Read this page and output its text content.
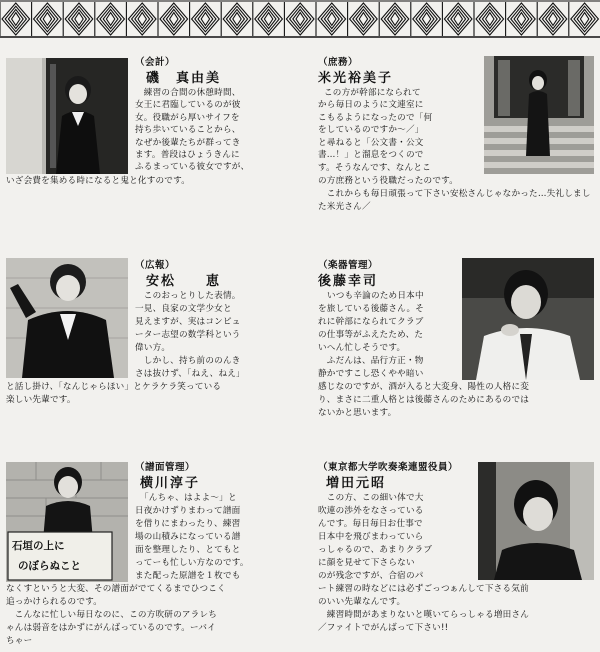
（会計）
磯　真由美

　練習の合間の休憩時間、

女王に君臨しているのが彼

女。役職がら厚いサイフを

持ち歩いていることから、

なぜか後輩たちが群ってき

ます。普段はひょうきんに

ふるまっている彼女ですが、

いざ会費を集める時になると鬼と化すのです。

（庶務）
米光裕美子

この方が幹部になられて

から毎日のように文連室に

こもるようになったので「何

をしているのですか～／」

と尋ねると「公文書・公文

書…！」と溜息をつくので

す。そうなんです、なんとこ

の方庶務という役職だったのです。

　これからも毎日頑張って下さい安松さんじゃなかった…失礼しました米光さん／

（広報）
安松　　恵

　このおっとりした表情。

一見、良家の文学少女と

見えますが、実はコンピュ

ーター志望の数学科という

偉い方。

　しかし、持ち前ののんき

さは抜けず、「ねえ、ねえ」

と話し掛け、「なんじゃらほい」とケラケラ笑っている

楽しい先輩です。

（楽器管理）
後藤幸司

いつも辛論のため日本中

を旅している後藤さん。そ

れに幹部になられてクラブ

の仕事等がふえたため、た

いへん忙しそうです。

　ふだんは、品行方正・物

静かですこし恐くやや暗い

感じなのですが、酒が入ると大変身、陽性の人格に変

り、まさに二重人格とは後藤さんのためにあるのでは

ないかと思います。

石垣の上に
のぼらぬこと
（譜面管理）
横川淳子

「んちゃ、はよよ～」と

日夜かけずりまわって譜面

を借りにまわったり、練習

場の山積みになっている譜

面を整理したり、とてもと

ってーも忙しい方なのです。

また配った原譜を１枚でも

なくすというと大変、その譜面がでてくるまでひつこく

追っかけられるのです。

　こんなに忙しい毎日なのに、この方吹研のアラレち

ゃんは弱音をはかずにがんばっているのです。ーバイ

ちゃー

（東京都大学吹奏楽連盟役員）
増田元昭

　この方、この細い体で大

吹連の渉外をなさっている

んです。毎日毎日お仕事で

日本中を飛びまわっていら

っしゃるので、あまりクラブ

に顔を見せて下さらない

のが残念ですが、合宿のパ

ート練習の時などには必ずごっつぁんして下さる気前

のいい先輩なんです。

　練習時間があまりないと嘆いてらっしゃる増田さん

／ファイトでがんばって下さい!!
